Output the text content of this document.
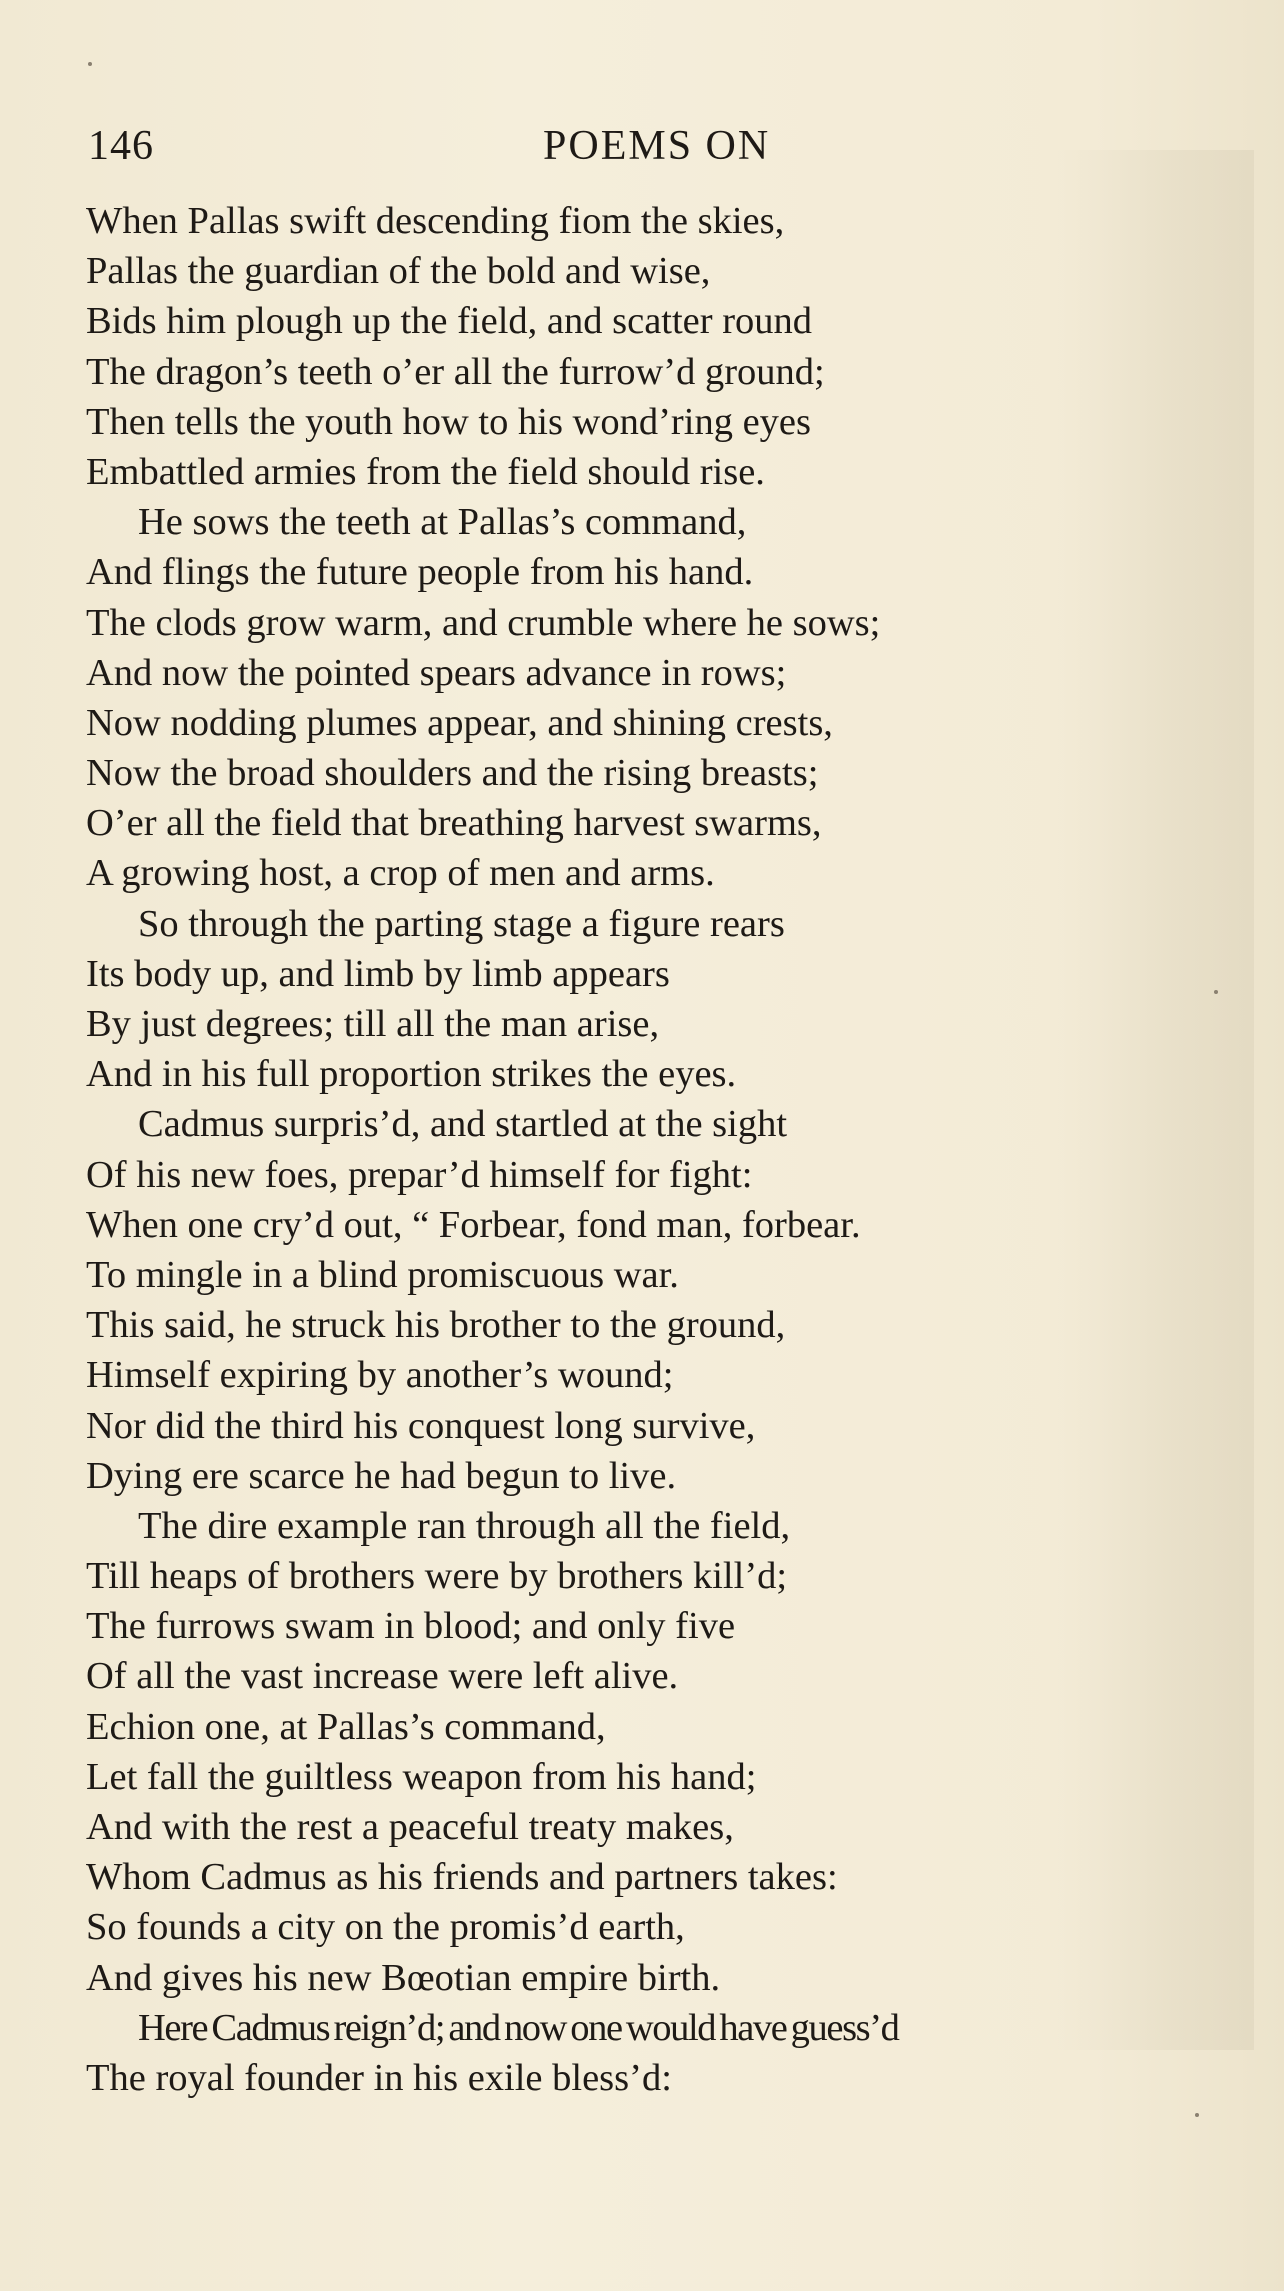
146	POEMS ON
When Pallas swift descending fiom the skies,
Pallas the guardian of the bold and wise,
Bids him plough up the field, and scatter round
The dragon’s teeth o’er all the furrow’d ground;
Then tells the youth how to his wond’ring eyes
Embattled armies from the field should rise.
He sows the teeth at Pallas’s command,
And flings the future people from his hand.
The clods grow warm, and crumble where he sows;
And now the pointed spears advance in rows;
Now nodding plumes appear, and shining crests,
Now the broad shoulders and the rising breasts;
O’er all the field that breathing harvest swarms,
A growing host, a crop of men and arms.
So through the parting stage a figure rears
Its body up, and limb by limb appears
By just degrees; till all the man arise,
And in his full proportion strikes the eyes.
Cadmus surpris’d, and startled at the sight
Of his new foes, prepar’d himself for fight:
When one cry’d out, “ Forbear, fond man, forbear.
To mingle in a blind promiscuous war.
This said, he struck his brother to the ground,
Himself expiring by another’s wound;
Nor did the third his conquest long survive,
Dying ere scarce he had begun to live.
The dire example ran through all the field,
Till heaps of brothers were by brothers kill’d;
The furrows swam in blood; and only five
Of all the vast increase were left alive.
Echion one, at Pallas’s command,
Let fall the guiltless weapon from his hand;
And with the rest a peaceful treaty makes,
Whom Cadmus as his friends and partners takes:
So founds a city on the promis’d earth,
And gives his new Bœotian empire birth.
Here Cadmus reign’d; and now one would have guess’d
The royal founder in his exile bless’d:
